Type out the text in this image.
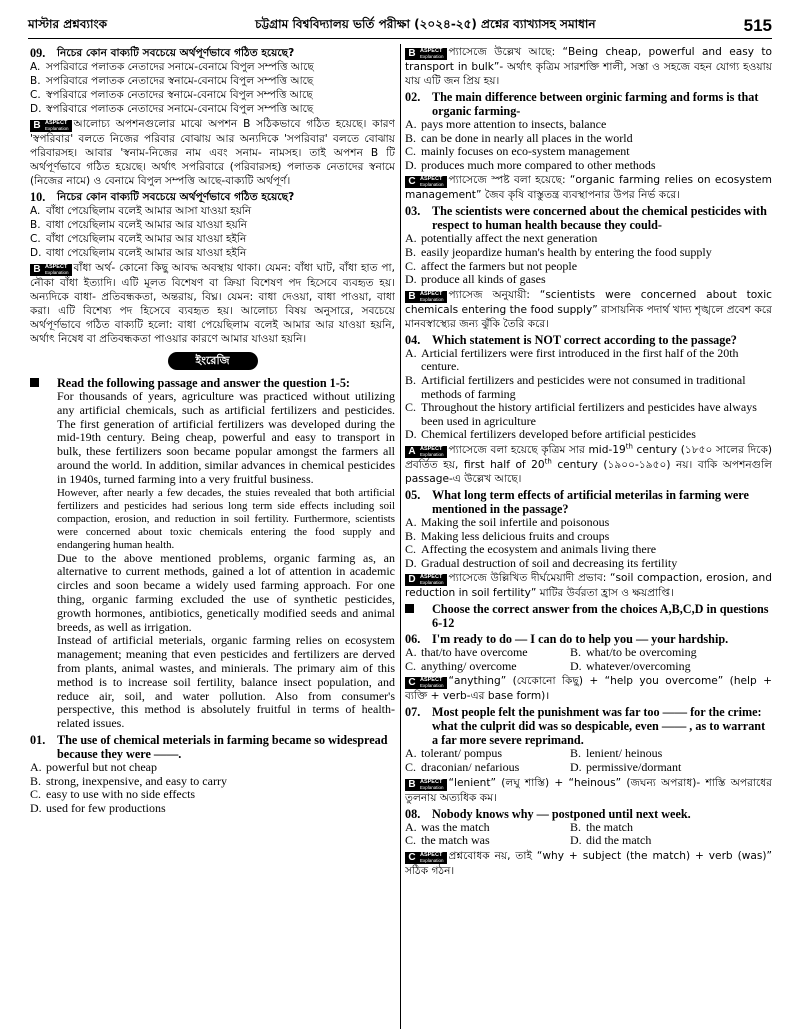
মাস্টার প্রশ্নব্যাংক	চট্টগ্রাম বিশ্ববিদ্যালয় ভর্তি পরীক্ষা (২০২৪-২৫) প্রশ্নের ব্যাখ্যাসহ সমাধান	515
09.	নিচের কোন বাক্যটি সবচেয়ে অর্থপূর্ণভাবে গঠিত হয়েছে?
A. সপরিবারে পলাতক নেতাদের সনামে-বেনামে বিপুল সম্পত্তি আছে
B. সপরিবারে পলাতক নেতাদের স্বনামে-বেনামে বিপুল সম্পত্তি আছে
C. স্বপরিবারে পলাতক নেতাদের স্বনামে-বেনামে বিপুল সম্পত্তি আছে
D. স্বপরিবারে পলাতক নেতাদের সনামে-বেনামে বিপুল সম্পত্তি আছে
B ASPECT
Explanation আলোচ্য অপশনগুলোর মাঝে অপশন B সঠিকভাবে গঠিত হয়েছে। কারণ 'স্বপরিবার' বলতে নিজের পরিবার বোঝায় আর অন্যদিকে 'সপরিবার' বলতে বোঝায় পরিবারসহ। আবার 'স্বনাম-নিজের নাম এবং সনাম- নামসহ। তাই অপশন B টি অর্থপূর্ণভাবে গঠিত হয়েছে। অর্থাৎ সপরিবারে (পরিবারসহ) পলাতক নেতাদের স্বনামে (নিজের নামে) ও বেনামে বিপুল সম্পত্তি আছে-বাক্যটি অর্থপূর্ণ।
10.	নিচের কোন বাক্যটি সবচেয়ে অর্থপূর্ণভাবে গঠিত হয়েছে?
A. বাঁধা পেয়েছিলাম বলেই আমার আসা যাওয়া হয়নি
B. বাধা পেয়েছিলাম বলেই আমার আর যাওয়া হয়নি
C. বাঁধা পেয়েছিলাম বলেই আমার আর যাওয়া হইনি
D. বাধা পেয়েছিলাম বলেই আমার আর যাওয়া হইনি
B ASPECT
Explanation বাঁধা অর্থ- কোনো কিছু আবদ্ধ অবস্থায় থাকা। যেমন: বাঁধা ঘাট, বাঁধা হাত পা, নৌকা বাঁধা ইত্যাদি। এটি মূলত বিশেষণ বা ক্রিয়া বিশেষণ পদ হিসেবে ব্যবহৃত হয়। অন্যদিকে বাধা- প্রতিবন্ধকতা, অন্তরায়, বিঘ্ন। যেমন: বাধা দেওয়া, বাধা পাওয়া, বাধা করা। এটি বিশেষ্য পদ হিসেবে ব্যবহৃত হয়। আলোচ্য বিষয় অনুসারে, সবচেয়ে অর্থপূর্ণভাবে গঠিত বাক্যটি হলো: বাধা পেয়েছিলাম বলেই আমার আর যাওয়া হয়নি, অর্থাৎ নিষেধ বা প্রতিবন্ধকতা পাওয়ার কারণে আমার যাওয়া হয়নি।
ইংরেজি
Read the following passage and answer the question 1-5:

For thousands of years, agriculture was practiced without utilizing any artificial chemicals, such as artificial fertilizers and pesticides. The first generation of artificial fertilizers was developed during the mid-19th century. Being cheap, powerful and easy to transport in bulk, these fertilizers soon became popular amongst the farmers all around the world. In addition, similar advances in chemical pesticides in 1940s, turned farming into a very fruitful business.

However, after nearly a few decades, the stuies revealed that both artificial fertilizers and pesticides had serious long term side effects including soil compaction, erosion, and reduction in soil fertility. Furthermore, scientists were concerned about toxic chemicals entering the food supply and endangering human health.

Due to the above mentioned problems, organic farming as, an alternative to current methods, gained a lot of attention in academic circles and soon became a widely used farming approach. For one thing, organic farming excluded the use of synthetic pesticides, growth hormones, antibiotics, genetically modified seeds and animal breeds, as well as irrigation.

Instead of artificial meterials, organic farming relies on ecosystem management; meaning that even pesticides and fertilizers are derved from plants, animal wastes, and minierals. The primary aim of this method is to increase soil fertility, balance insect population, and reduce air, soil, and water pollution. Also from consumer's perspective, this method is absolutely fruitful in terms of health-related issues.

01. The use of chemical meterials in farming became so widespread because they were ——.
A. powerful but not cheap
B. strong, inexpensive, and easy to carry
C. easy to use with no side effects
D. used for few productions
B ASPECT
Explanation প্যাসেজে উল্লেখ আছে: “Being cheap, powerful and easy to transport in bulk”- অর্থাৎ কৃত্রিম সারশক্তি শালী, সস্তা ও সহজে বহন যোগ্য হওয়ায় যায় এটি জন প্রিয় হয়।
02. The main difference between orginic farming and forms is that organic farming-
A. pays more attention to insects, balance
B. can be done in nearly all places in the world
C. mainly focuses on eco-system management
D. produces much more compared to other methods
C ASPECT
Explanation প্যাসেজে স্পষ্ট বলা হয়েছে: “organic farming relies on ecosystem management” জৈব কৃষি বাস্তুতন্ত্র ব্যবস্থাপনার উপর নির্ভ করে।
03. The scientists were concerned about the chemical pesticides with respect to human health because they could-
A. potentially affect the next generation
B. easily jeopardize human's health by entering the food supply
C. affect the farmers but not people
D. produce all kinds of gases
B ASPECT
Explanation প্যাসেজ অনুযায়ী: “scientists were concerned about toxic chemicals entering the food supply” রাসায়নিক পদার্থ খাদ্য শৃঙ্খলে প্রবেশ করে মানবস্বাস্থ্যের জন্য ঝুঁকি তৈরি করে।
04. Which statement is NOT correct according to the passage?
A. Articial fertilizers were first introduced in the first half of the 20th centure.
B. Artificial fertilizers and pesticides were not consumed in traditional methods of farming
C. Throughout the history artificial fertilizers and pesticides have always been used in agriculture
D. Chemical fertilizers developed before artificial pesticides
A ASPECT
Explanation প্যাসেজে বলা হয়েছে কৃত্রিম সার mid-19th century (১৮৫০ সালের দিকে) প্রবর্তিত হয়, first half of 20th century (১৯০০-১৯৫০) নয়। বাকি অপশনগুলি passage-এ উল্লেখ আছে।
05. What long term effects of artificial meterilas in farming were mentioned in the passage?
A. Making the soil infertile and poisonous
B. Making less delicious fruits and croups
C. Affecting the ecosystem and animals living there
D. Gradual destruction of soil and decreasing its fertility
D ASPECT
Explanation প্যাসেজে উল্লিখিত দীর্ঘমেয়াদী প্রভাব: “soil compaction, erosion, and reduction in soil fertility” মাটির উর্বরতা হ্রাস ও ক্ষয়প্রাপ্তি।
Choose the correct answer from the choices A,B,C,D in questions 6-12
06. I'm ready to do — I can do to help you — your hardship.
A. that/to have overcome	B. what/to be overcoming
C. anything/ overcome	D. whatever/overcoming
C ASPECT
Explanation “anything” (যেকোনো কিছু) + “help you overcome” (help + ব্যক্তি + verb-এর base form)।
07. Most people felt the punishment was far too —— for the crime: what the culprit did was so despicable, even —— , as to warrant a far more severe reprimand.
A. tolerant/ pompus	B. lenient/ heinous
C. draconian/ nefarious	D. permissive/dormant
B ASPECT
Explanation “lenient” (লঘু শাস্তি) + “heinous” (জঘন্য অপরাধ)- শাস্তি অপরাধের তুলনায় অত্যধিক কম।
08. Nobody knows why — postponed until next week.
A. was the match	B. the match
C. the match was	D. did the match
C ASPECT
Explanation প্রশ্নবোধক নয়, তাই “why + subject (the match) + verb (was)” সঠিক গঠন।
